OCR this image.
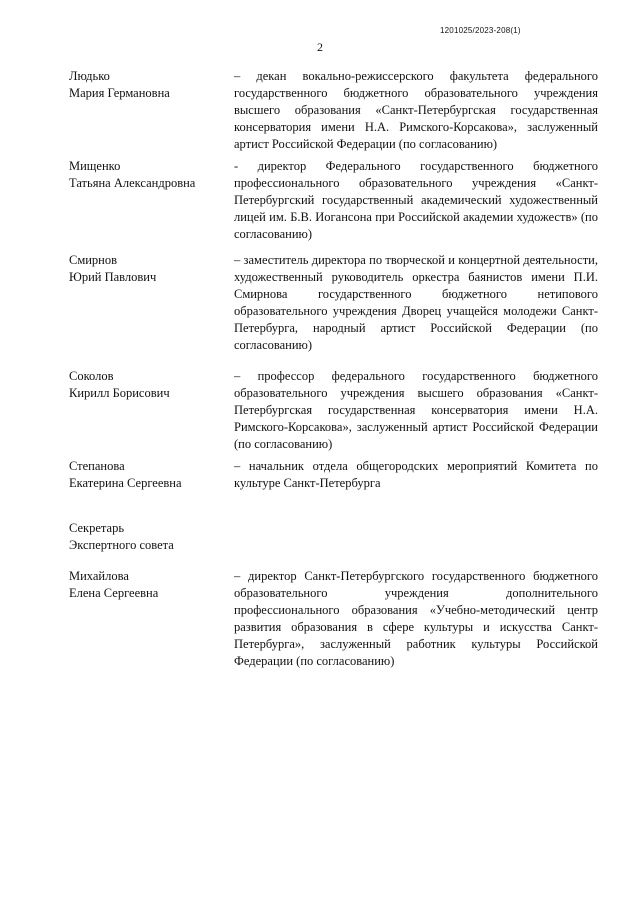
1201025/2023-208(1)
2
Людько
Мария Германовна
– декан вокально-режиссерского факультета федерального государственного бюджетного образовательного учреждения высшего образования «Санкт-Петербургская государственная консерватория имени Н.А. Римского-Корсакова», заслуженный артист Российской Федерации (по согласованию)
Мищенко
Татьяна Александровна
- директор Федерального государственного бюджетного профессионального образовательного учреждения «Санкт-Петербургский государственный академический художественный лицей им. Б.В. Иогансона при Российской академии художеств» (по согласованию)
Смирнов
Юрий Павлович
– заместитель директора по творческой и концертной деятельности, художественный руководитель оркестра баянистов имени П.И. Смирнова государственного бюджетного нетипового образовательного учреждения Дворец учащейся молодежи Санкт-Петербурга, народный артист Российской Федерации (по согласованию)
Соколов
Кирилл Борисович
– профессор федерального государственного бюджетного образовательного учреждения высшего образования «Санкт-Петербургская государственная консерватория имени Н.А. Римского-Корсакова», заслуженный артист Российской Федерации (по согласованию)
Степанова
Екатерина Сергеевна
– начальник отдела общегородских мероприятий Комитета по культуре Санкт-Петербурга
Секретарь
Экспертного совета
Михайлова
Елена Сергеевна
– директор Санкт-Петербургского государственного бюджетного образовательного учреждения дополнительного профессионального образования «Учебно-методический центр развития образования в сфере культуры и искусства Санкт-Петербурга», заслуженный работник культуры Российской Федерации (по согласованию)
